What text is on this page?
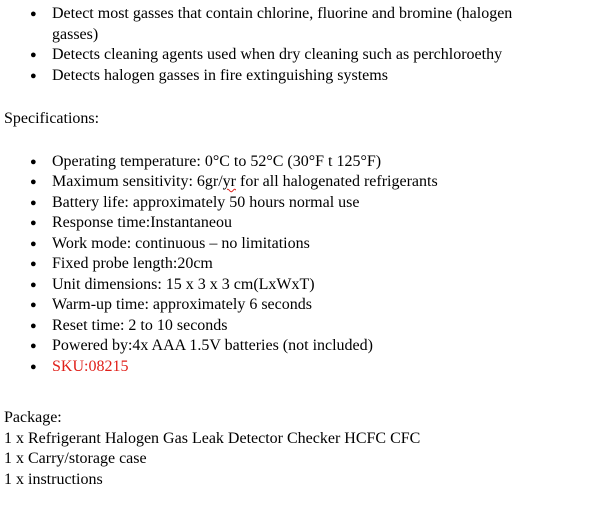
● Detect most gasses that contain chlorine, fluorine and bromine (halogen
gasses)
● Detects cleaning agents used when dry cleaning such as perchloroethy
● Detects halogen gasses in fire extinguishing systems

Specifications:

● Operating temperature: 0°C to 52°C (30°F t 125°F)
● Maximum sensitivity: 6gr/yr for all halogenated refrigerants
● Battery life: approximately 50 hours normal use
● Response time:Instantaneou
● Work mode: continuous – no limitations
● Fixed probe length:20cm
● Unit dimensions: 15 x 3 x 3 cm(LxWxT)
● Warm-up time: approximately 6 seconds
● Reset time: 2 to 10 seconds
● Powered by:4x AAA 1.5V batteries (not included)
● SKU:08215

Package:

1 x Refrigerant Halogen Gas Leak Detector Checker HCFC CFC

1 x Carry/storage case

1 x instructions
